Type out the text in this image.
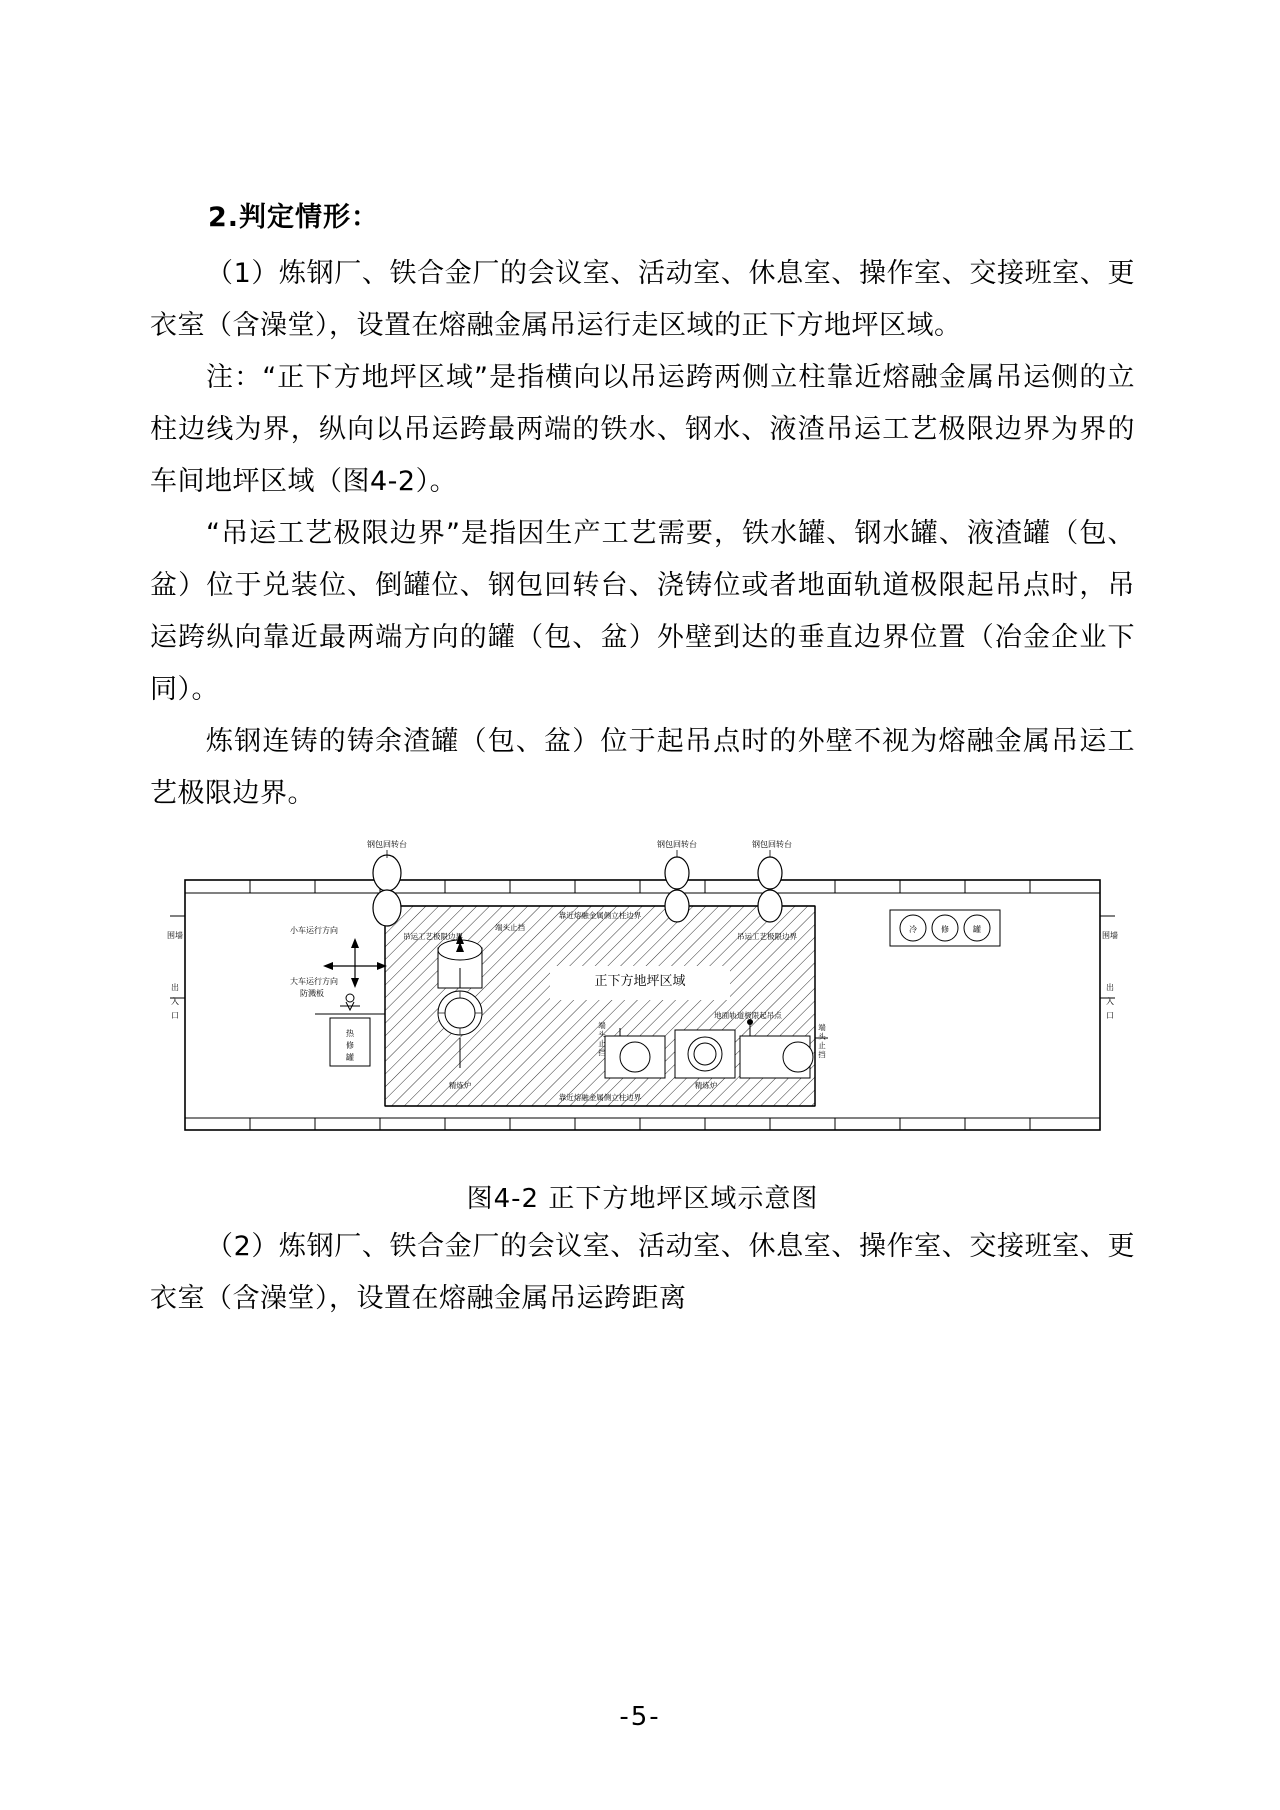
2.判定情形：

（1）炼钢厂、铁合金厂的会议室、活动室、休息室、操作室、交接班室、更衣室（含澡堂），设置在熔融金属吊运行走区域的正下方地坪区域。

注：“正下方地坪区域”是指横向以吊运跨两侧立柱靠近熔融金属吊运侧的立柱边线为界，纵向以吊运跨最两端的铁水、钢水、液渣吊运工艺极限边界为界的车间地坪区域（图4-2）。

“吊运工艺极限边界”是指因生产工艺需要，铁水罐、钢水罐、液渣罐（包、盆）位于兑装位、倒罐位、钢包回转台、浇铸位或者地面轨道极限起吊点时，吊运跨纵向靠近最两端方向的罐（包、盆）外壁到达的垂直边界位置（冶金企业下同）。

炼钢连铸的铸余渣罐（包、盆）位于起吊点时的外壁不视为熔融金属吊运工艺极限边界。

钢包回转台	钢包回转台	钢包回转台
靠近熔融金属侧立柱边界
靠近熔融金属侧立柱边界
吊运工艺极限边界	吊运工艺极限边界
正下方地坪区域
围墙	围墙
出
入
口
出
入
口
小车运行方向
大车运行方向
防溅板
热
修
罐
端头止挡
端
头
止
挡
端
头
止
挡
地面轨道极限起吊点
精炼炉	精炼炉
冷	修	罐
图4-2 正下方地坪区域示意图

（2）炼钢厂、铁合金厂的会议室、活动室、休息室、操作室、交接班室、更衣室（含澡堂），设置在熔融金属吊运跨距离

-5-
